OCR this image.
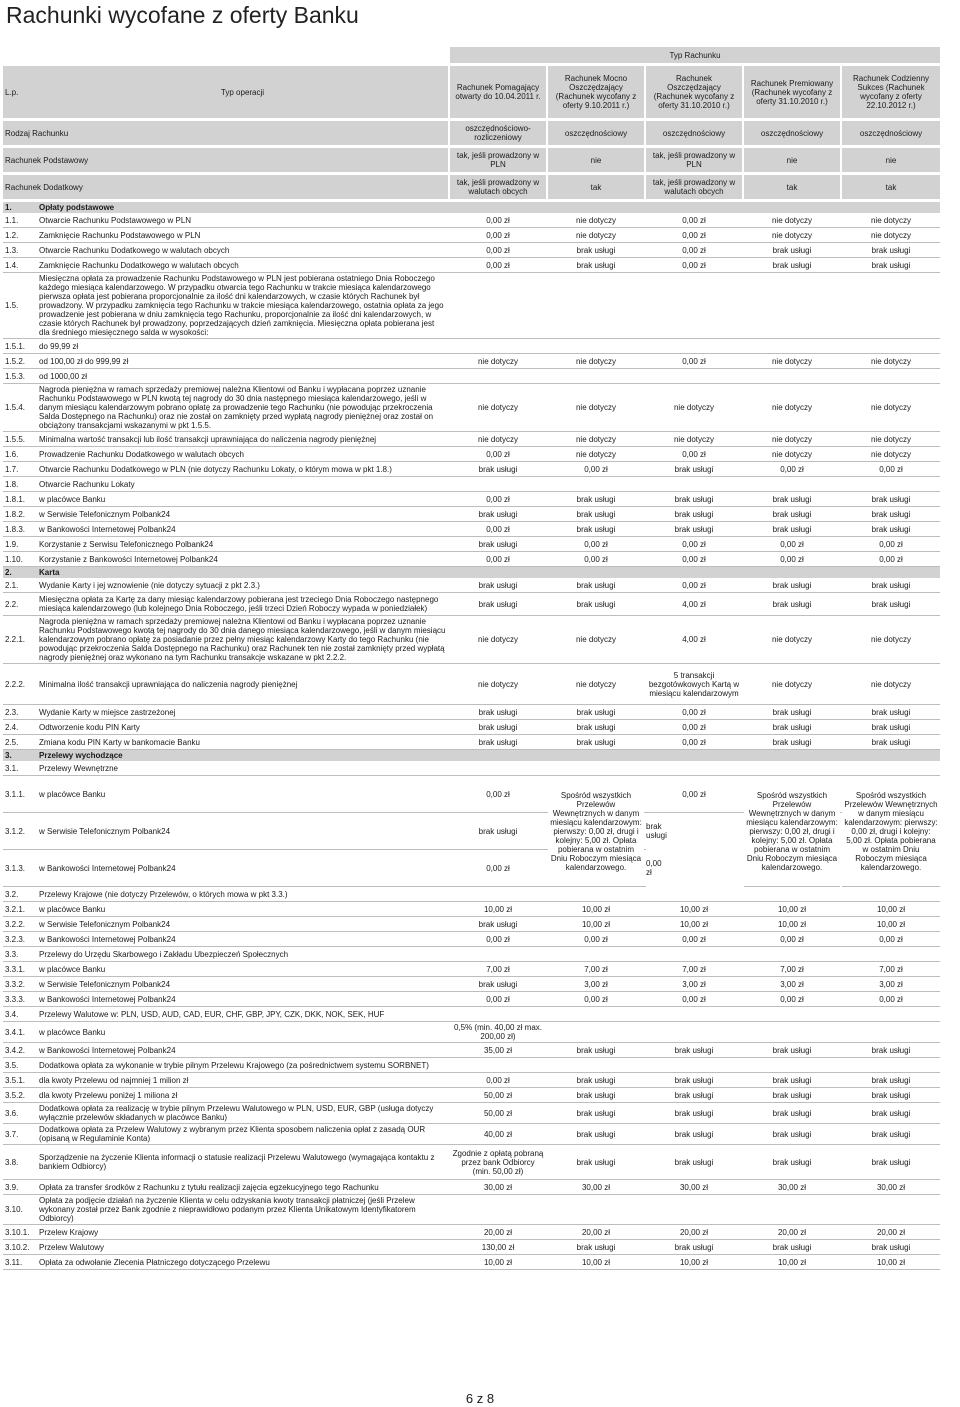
Rachunki wycofane z oferty Banku
			Typ Rachunku								

L.p.	Typ operacji		Rachunek Pomagający otwarty do 10.04.2011 r.		Rachunek Mocno Oszczędzający (Rachunek wycofany z oferty 9.10.2011 r.)		Rachunek Oszczędzający (Rachunek wycofany z oferty 31.10.2010 r.)		Rachunek Premiowany (Rachunek wycofany z oferty 31.10.2010 r.)		Rachunek Codzienny Sukces (Rachunek wycofany z oferty 22.10.2012 r.)

Rodzaj Rachunku			oszczędnościowo-rozliczeniowy		oszczędnościowy		oszczędnościowy		oszczędnościowy		oszczędnościowy

Rachunek Podstawowy			tak, jeśli prowadzony w PLN		nie		tak, jeśli prowadzony w PLN		nie		nie

Rachunek Dodatkowy			tak, jeśli prowadzony w walutach obcych		tak		tak, jeśli prowadzony w walutach obcych		tak		tak

1.	Opłaty podstawowe										
1.1.	Otwarcie Rachunku Podstawowego w PLN		0,00 zł		nie dotyczy		0,00 zł		nie dotyczy		nie dotyczy
1.2.	Zamknięcie Rachunku Podstawowego w PLN		0,00 zł		nie dotyczy		0,00 zł		nie dotyczy		nie dotyczy
1.3.	Otwarcie Rachunku Dodatkowego w walutach obcych		0,00 zł		brak usługi		0,00 zł		brak usługi		brak usługi
1.4.	Zamknięcie Rachunku Dodatkowego w walutach obcych		0,00 zł		brak usługi		0,00 zł		brak usługi		brak usługi
1.5.	Miesięczna opłata za prowadzenie Rachunku Podstawowego w PLN jest pobierana ostatniego Dnia Roboczego każdego miesiąca kalendarzowego. W przypadku otwarcia tego Rachunku w trakcie miesiąca kalendarzowego pierwsza opłata jest pobierana proporcjonalnie za ilość dni kalendarzowych, w czasie których Rachunek był prowadzony. W przypadku zamknięcia tego Rachunku w trakcie miesiąca kalendarzowego, ostatnia opłata za jego prowadzenie jest pobierana w dniu zamknięcia tego Rachunku, proporcjonalnie za ilość dni kalendarzowych, w czasie których Rachunek był prowadzony, poprzedzających dzień zamknięcia. Miesięczna opłata pobierana jest dla średniego miesięcznego salda w wysokości:										
1.5.1.	do 99,99 zł										
1.5.2.	od 100,00 zł do 999,99 zł		nie dotyczy		nie dotyczy		0,00 zł		nie dotyczy		nie dotyczy
1.5.3.	od 1000,00 zł										
1.5.4.	Nagroda pieniężna w ramach sprzedaży premiowej należna Klientowi od Banku i wypłacana poprzez uznanie Rachunku Podstawowego w PLN kwotą tej nagrody do 30 dnia następnego miesiąca kalendarzowego, jeśli w danym miesiącu kalendarzowym pobrano opłatę za prowadzenie tego Rachunku (nie powodując przekroczenia Salda Dostępnego na Rachunku) oraz nie został on zamknięty przed wypłatą nagrody pieniężnej oraz został on obciążony transakcjami wskazanymi w pkt 1.5.5.		nie dotyczy		nie dotyczy		nie dotyczy		nie dotyczy		nie dotyczy
1.5.5.	Minimalna wartość transakcji lub ilość transakcji uprawniająca do naliczenia nagrody pieniężnej		nie dotyczy		nie dotyczy		nie dotyczy		nie dotyczy		nie dotyczy
1.6.	Prowadzenie Rachunku Dodatkowego w walutach obcych		0,00 zł		nie dotyczy		0,00 zł		nie dotyczy		nie dotyczy
1.7.	Otwarcie Rachunku Dodatkowego w PLN (nie dotyczy Rachunku Lokaty, o którym mowa w pkt 1.8.)		brak usługi		0,00 zł		brak usługi		0,00 zł		0,00 zł
1.8.	Otwarcie Rachunku Lokaty										
1.8.1.	w placówce Banku		0,00 zł		brak usługi		brak usługi		brak usługi		brak usługi
1.8.2.	w Serwisie Telefonicznym Polbank24		brak usługi		brak usługi		brak usługi		brak usługi		brak usługi
1.8.3.	w Bankowości Internetowej Polbank24		0,00 zł		brak usługi		brak usługi		brak usługi		brak usługi
1.9.	Korzystanie z Serwisu Telefonicznego Polbank24		brak usługi		0,00 zł		0,00 zł		0,00 zł		0,00 zł
1.10.	Korzystanie z Bankowości Internetowej Polbank24		0,00 zł		0,00 zł		0,00 zł		0,00 zł		0,00 zł
2.	Karta										
2.1.	Wydanie Karty i jej wznowienie (nie dotyczy sytuacji z pkt 2.3.)		brak usługi		brak usługi		0,00 zł		brak usługi		brak usługi
2.2.	Miesięczna opłata za Kartę za dany miesiąc kalendarzowy pobierana jest trzeciego Dnia Roboczego następnego miesiąca kalendarzowego (lub kolejnego Dnia Roboczego, jeśli trzeci Dzień Roboczy wypada w poniedziałek)		brak usługi		brak usługi		4,00 zł		brak usługi		brak usługi
2.2.1.	Nagroda pieniężna w ramach sprzedaży premiowej należna Klientowi od Banku i wypłacana poprzez uznanie Rachunku Podstawowego kwotą tej nagrody do 30 dnia danego miesiąca kalendarzowego, jeśli w danym miesiącu kalendarzowym pobrano opłatę za posiadanie przez pełny miesiąc kalendarzowy Karty do tego Rachunku (nie powodując przekroczenia Salda Dostępnego na Rachunku) oraz Rachunek ten nie został zamknięty przed wypłatą nagrody pieniężnej oraz wykonano na tym Rachunku transakcje wskazane w pkt 2.2.2.		nie dotyczy		nie dotyczy		4,00 zł		nie dotyczy		nie dotyczy
2.2.2.	Minimalna ilość transakcji uprawniająca do naliczenia nagrody pieniężnej		nie dotyczy		nie dotyczy		5 transakcji bezgotówkowych Kartą w miesiącu kalendarzowym		nie dotyczy		nie dotyczy
2.3.	Wydanie Karty w miejsce zastrzeżonej		brak usługi		brak usługi		0,00 zł		brak usługi		brak usługi
2.4.	Odtworzenie kodu PIN Karty		brak usługi		brak usługi		0,00 zł		brak usługi		brak usługi
2.5.	Zmiana kodu PIN Karty w bankomacie Banku		brak usługi		brak usługi		0,00 zł		brak usługi		brak usługi
3.	Przelewy wychodzące										
3.1.	Przelewy Wewnętrzne										
3.1.1.	w placówce Banku		0,00 zł		Spośród wszystkich Przelewów Wewnętrznych w danym miesiącu kalendarzowym: pierwszy: 0,00 zł, drugi i kolejny: 5,00 zł. Opłata pobierana w ostatnim Dniu Roboczym miesiąca kalendarzowego.		0,00 zł		Spośród wszystkich Przelewów Wewnętrznych w danym miesiącu kalendarzowym: pierwszy: 0,00 zł, drugi i kolejny: 5,00 zł. Opłata pobierana w ostatnim Dniu Roboczym miesiąca kalendarzowego.		Spośród wszystkich Przelewów Wewnętrznych w danym miesiącu kalendarzowym: pierwszy: 0,00 zł, drugi i kolejny: 5,00 zł. Opłata pobierana w ostatnim Dniu Roboczym miesiąca kalendarzowego.
3.1.2.	w Serwisie Telefonicznym Polbank24		brak usługi			brak usługi					
3.1.3.	w Bankowości Internetowej Polbank24		0,00 zł			0,00 zł					
3.2.	Przelewy Krajowe (nie dotyczy Przelewów, o których mowa w pkt 3.3.)										
3.2.1.	w placówce Banku		10,00 zł		10,00 zł		10,00 zł		10,00 zł		10,00 zł
3.2.2.	w Serwisie Telefonicznym Polbank24		brak usługi		10,00 zł		10,00 zł		10,00 zł		10,00 zł
3.2.3.	w Bankowości Internetowej Polbank24		0,00 zł		0,00 zł		0,00 zł		0,00 zł		0,00 zł
3.3.	Przelewy do Urzędu Skarbowego i Zakładu Ubezpieczeń Społecznych										
3.3.1.	w placówce Banku		7,00 zł		7,00 zł		7,00 zł		7,00 zł		7,00 zł
3.3.2.	w Serwisie Telefonicznym Polbank24		brak usługi		3,00 zł		3,00 zł		3,00 zł		3,00 zł
3.3.3.	w Bankowości Internetowej Polbank24		0,00 zł		0,00 zł		0,00 zł		0,00 zł		0,00 zł
3.4.	Przelewy Walutowe w: PLN, USD, AUD, CAD, EUR, CHF, GBP, JPY, CZK, DKK, NOK, SEK, HUF										
3.4.1.	w placówce Banku		0,5% (min. 40,00 zł max. 200,00 zł)								
3.4.2.	w Bankowości Internetowej Polbank24		35,00 zł		brak usługi		brak usługi		brak usługi		brak usługi
3.5.	Dodatkowa opłata za wykonanie w trybie pilnym Przelewu Krajowego (za pośrednictwem systemu SORBNET)										
3.5.1.	dla kwoty Przelewu od najmniej 1 milion zł		0,00 zł		brak usługi		brak usługi		brak usługi		brak usługi
3.5.2.	dla kwoty Przelewu poniżej 1 miliona zł		50,00 zł		brak usługi		brak usługi		brak usługi		brak usługi
3.6.	Dodatkowa opłata za realizację w trybie pilnym Przelewu Walutowego w PLN, USD, EUR, GBP (usługa dotyczy wyłącznie przelewów składanych w placówce Banku)		50,00 zł		brak usługi		brak usługi		brak usługi		brak usługi
3.7.	Dodatkowa opłata za Przelew Walutowy z wybranym przez Klienta sposobem naliczenia opłat z zasadą OUR (opisaną w Regulaminie Konta)		40,00 zł		brak usługi		brak usługi		brak usługi		brak usługi
3.8.	Sporządzenie na życzenie Klienta informacji o statusie realizacji Przelewu Walutowego (wymagająca kontaktu z bankiem Odbiorcy)		Zgodnie z opłatą pobraną przez bank Odbiorcy (min. 50,00 zł)		brak usługi		brak usługi		brak usługi		brak usługi
3.9.	Opłata za transfer środków z Rachunku z tytułu realizacji zajęcia egzekucyjnego tego Rachunku		30,00 zł		30,00 zł		30,00 zł		30,00 zł		30,00 zł
3.10.	Opłata za podjęcie działań na życzenie Klienta w celu odzyskania kwoty transakcji płatniczej (jeśli Przelew wykonany został przez Bank zgodnie z nieprawidłowo podanym przez Klienta Unikatowym Identyfikatorem Odbiorcy)										
3.10.1.	Przelew Krajowy		20,00 zł		20,00 zł		20,00 zł		20,00 zł		20,00 zł
3.10.2.	Przelew Walutowy		130,00 zł		brak usługi		brak usługi		brak usługi		brak usługi
3.11.	Opłata za odwołanie Zlecenia Płatniczego dotyczącego Przelewu		10,00 zł		10,00 zł		10,00 zł		10,00 zł		10,00 zł

6 z 8
